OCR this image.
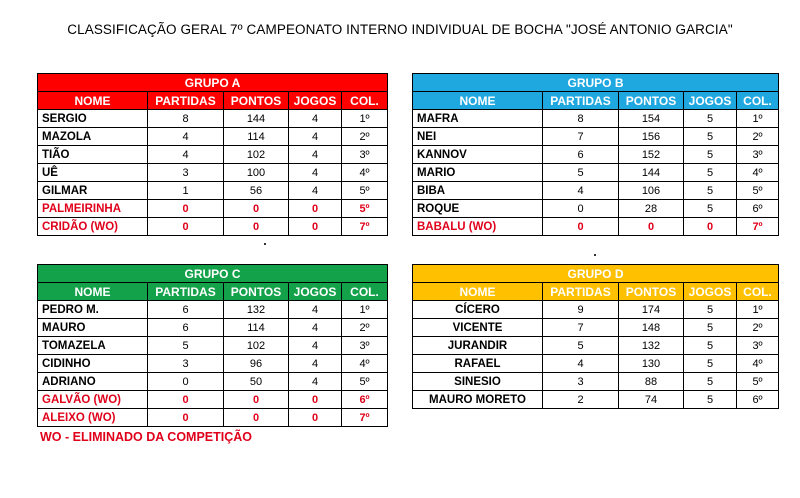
CLASSIFICAÇÃO GERAL 7º CAMPEONATO INTERNO INDIVIDUAL DE BOCHA "JOSÉ ANTONIO GARCIA"
GRUPO A				
NOME	PARTIDAS	PONTOS	JOGOS	COL.
SERGIO	8	144	4	1º
MAZOLA	4	114	4	2º
TIÃO	4	102	4	3º
UÊ	3	100	4	4º
GILMAR	1	56	4	5º
PALMEIRINHA	0	0	0	5º
CRIDÃO (WO)	0	0	0	7º
GRUPO B				
NOME	PARTIDAS	PONTOS	JOGOS	COL.
MAFRA	8	154	5	1º
NEI	7	156	5	2º
KANNOV	6	152	5	3º
MARIO	5	144	5	4º
BIBA	4	106	5	5º
ROQUE	0	28	5	6º
BABALU (WO)	0	0	0	7º
GRUPO C				
NOME	PARTIDAS	PONTOS	JOGOS	COL.
PEDRO M.	6	132	4	1º
MAURO	6	114	4	2º
TOMAZELA	5	102	4	3º
CIDINHO	3	96	4	4º
ADRIANO	0	50	4	5º
GALVÃO (WO)	0	0	0	6º
ALEIXO (WO)	0	0	0	7º
GRUPO D				
NOME	PARTIDAS	PONTOS	JOGOS	COL.
CÍCERO	9	174	5	1º
VICENTE	7	148	5	2º
JURANDIR	5	132	5	3º
RAFAEL	4	130	5	4º
SINESIO	3	88	5	5º
MAURO MORETO	2	74	5	6º
WO - ELIMINADO DA COMPETIÇÃO
